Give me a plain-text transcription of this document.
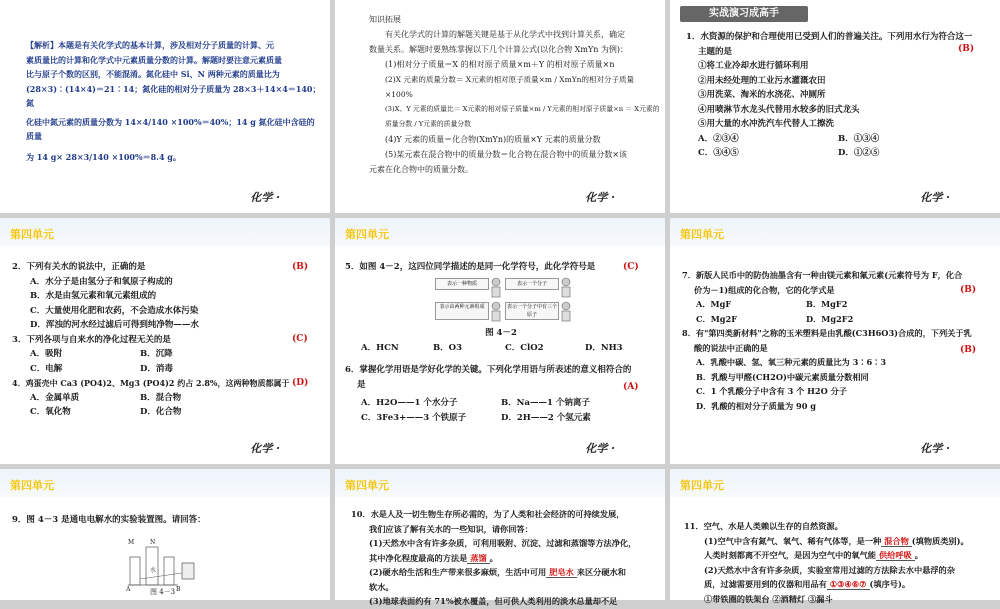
【解析】本题是有关化学式的基本计算，涉及相对分子质量的计算、元
素质量比的计算和化学式中元素质量分数的计算。解题时要注意元素质量
比与原子个数的区别，不能混淆。氮化硅中 Si、N 两种元素的质量比为
(28×3)∶(14×4)＝21∶14；氮化硅的相对分子质量为 28×3＋14×4＝140；氮
化硅中氮元素的质量分数为 14×4/140 ×100%＝40%；14 g 氮化硅中含硅的质量
为 14 g× 28×3/140 ×100%＝8.4 g。
化学 ·
知识拓展
有关化学式的计算的解题关键是基于从化学式中找到计算关系，确定
数量关系。解题时要熟练掌握以下几个计算公式(以化合物 XmYn 为例)：
(1)相对分子质量＝X 的相对原子质量×m＋Y 的相对原子质量×n
(2)X 元素的质量分数＝ X元素的相对原子质量×m / XmYn的相对分子质量 ×100%
(3)X、Y 元素的质量比＝ X元素的相对原子质量×m / Y元素的相对原子质量×n ＝ X元素的质量分数 / Y元素的质量分数
(4)Y 元素的质量＝化合物(XmYn)的质量×Y 元素的质量分数
(5)某元素在混合物中的质量分数＝化合物在混合物中的质量分数×该
元素在化合物中的质量分数。
化学 ·
实战演习成高手
1．水资源的保护和合理使用已受到人们的普遍关注。下列用水行为符合这一
主题的是
①将工业冷却水进行循环利用
②用未经处理的工业污水灌溉农田
③用洗菜、淘米的水浇花、冲厕所
④用喷淋节水龙头代替用水较多的旧式龙头
⑤用大量的水冲洗汽车代替人工擦洗
A．②③④	B．①③④
C．③④⑤	D．①②⑤
(B)
化学 ·
第四单元
2．下列有关水的说法中，正确的是
A．水分子是由氢分子和氧原子构成的
B．水是由氢元素和氧元素组成的
C．大量使用化肥和农药，不会造成水体污染
D．浑浊的河水经过滤后可得到纯净物——水
3．下列各项与自来水的净化过程无关的是
A．吸附	B．沉降
C．电解	D．消毒
4．鸡蛋壳中 Ca3 (PO4)2、Mg3 (PO4)2 约占 2.8%，这两种物质都属于
A．金属单质	B．混合物
C．氧化物	D．化合物
(B)
(C)
(D)
化学 ·
第四单元
5．如图 4－2，这四位同学描述的是同一化学符号，此化学符号是	(C)
表示一种物质	表示一个分子
表示由两种元素组成	表示一个分子中有三个原子
图 4－2
A．HCN	B．O3	C．ClO2	D．NH3
6．掌握化学用语是学好化学的关键。下列化学用语与所表述的意义相符合的
是
A．H2O——1 个水分子	B．Na——1 个钠离子
C．3Fe3+——3 个铁原子	D．2H——2 个氢元素
(A)
化学 ·
第四单元
7．新版人民币中的防伪油墨含有一种由镁元素和氟元素(元素符号为 F，化合
价为－1)组成的化合物，它的化学式是
A．MgF	B．MgF2
C．Mg2F	D．Mg2F2
8．有"第四类新材料"之称的玉米塑料是由乳酸(C3H6O3)合成的，下列关于乳
酸的说法中正确的是
A．乳酸中碳、氢、氧三种元素的质量比为 3∶6∶3
B．乳酸与甲醛(CH2O)中碳元素质量分数相同
C．1 个乳酸分子中含有 3 个 H2O 分子
D．乳酸的相对分子质量为 90 g
(B)
(B)
化学 ·
第四单元
9．图 4－3 是通电电解水的实验装置图。请回答：
M	N
水
A	B
图 4－3
第四单元
10．水是人及一切生物生存所必需的，为了人类和社会经济的可持续发展，
我们应该了解有关水的一些知识，请你回答：
(1)天然水中含有许多杂质，可利用吸附、沉淀、过滤和蒸馏等方法净化，
其中净化程度最高的方法是 蒸馏 。
(2)硬水给生活和生产带来很多麻烦，生活中可用 肥皂水 来区分硬水和
软水。
(3)地球表面约有 71%被水覆盖，但可供人类利用的淡水总量却不足
第四单元
11．空气、水是人类赖以生存的自然资源。
(1)空气中含有氮气、氧气、稀有气体等，是一种 混合物 (填物质类别)。
人类时刻都离不开空气，是因为空气中的氧气能 供给呼吸 。
(2)天然水中含有许多杂质，实验室常用过滤的方法除去水中悬浮的杂
质，过滤需要用到的仪器和用品有 ①③④⑥⑦ (填序号)。
①带铁圈的铁架台 ②酒精灯 ③漏斗
